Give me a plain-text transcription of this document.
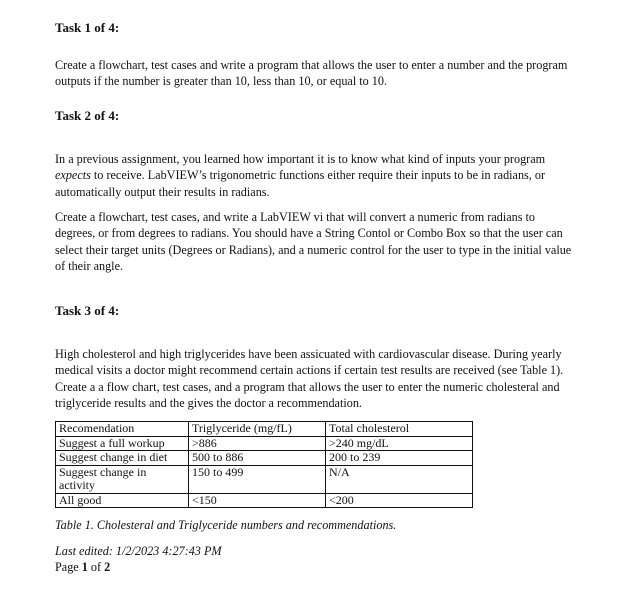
Task 1 of 4:

Create a flowchart, test cases and write a program that allows the user to enter a number and the program outputs if the number is greater than 10, less than 10, or equal to 10.

Task 2 of 4:

In a previous assignment, you learned how important it is to know what kind of inputs your program expects to receive. LabVIEW’s trigonometric functions either require their inputs to be in radians, or automatically output their results in radians.

Create a flowchart, test cases, and write a LabVIEW vi that will convert a numeric from radians to degrees, or from degrees to radians. You should have a String Contol or Combo Box so that the user can select their target units (Degrees or Radians), and a numeric control for the user to type in the initial value of their angle.

Task 3 of 4:

High cholesterol and high triglycerides have been assicuated with cardiovascular disease. During yearly medical visits a doctor might recommend certain actions if certain test results are received (see Table 1). Create a a flow chart, test cases, and a program that allows the user to enter the numeric cholesteral and triglyceride results and the gives the doctor a recommendation.

Recomendation	Triglyceride (mg/fL)	Total cholesterol
Suggest a full workup	>886	>240 mg/dL
Suggest change in diet	500 to 886	200 to 239
Suggest change in activity	150 to 499	N/A
All good	<150	<200

Table 1. Cholesteral and Triglyceride numbers and recommendations.

Last edited: 1/2/2023 4:27:43 PM

Page 1 of 2
